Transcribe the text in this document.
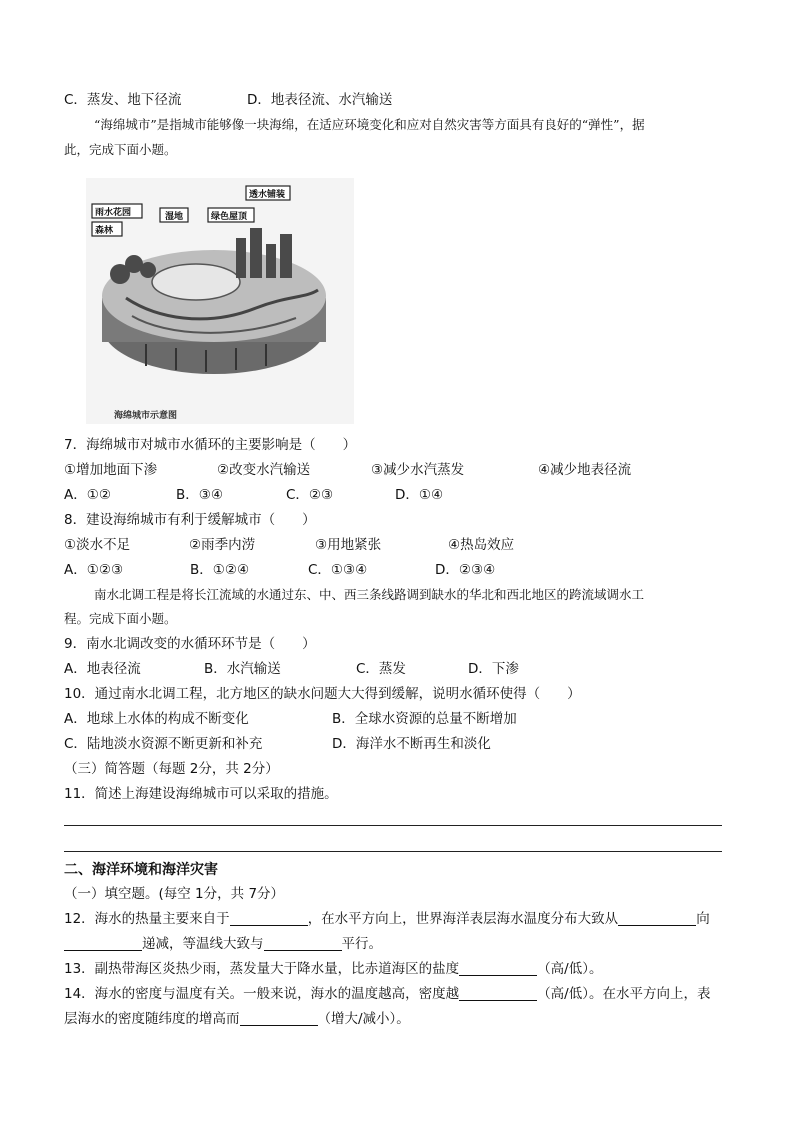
C．蒸发、地下径流	D．地表径流、水汽输送
“海绵城市”是指城市能够像一块海绵，在适应环境变化和应对自然灾害等方面具有良好的“弹性”，据
此，完成下面小题。
雨水花园
森林
湿地	绿色屋顶
透水铺装
海绵城市示意图
7．海绵城市对城市水循环的主要影响是（　　）
①增加地面下渗	②改变水汽输送	③减少水汽蒸发	④减少地表径流
A．①②	B．③④	C．②③	D．①④
8．建设海绵城市有利于缓解城市（　　）
①淡水不足	②雨季内涝	③用地紧张	④热岛效应
A．①②③	B．①②④	C．①③④	D．②③④
南水北调工程是将长江流域的水通过东、中、西三条线路调到缺水的华北和西北地区的跨流域调水工
程。完成下面小题。
9．南水北调改变的水循环环节是（　　）
A．地表径流	B．水汽输送	C．蒸发	D．下渗
10．通过南水北调工程，北方地区的缺水问题大大得到缓解，说明水循环使得（　　）
A．地球上水体的构成不断变化	B．全球水资源的总量不断增加
C．陆地淡水资源不断更新和补充	D．海洋水不断再生和淡化
（三）简答题（每题 2分，共 2分）
11．简述上海建设海绵城市可以采取的措施。
二、海洋环境和海洋灾害
（一）填空题。(每空 1分，共 7分）
12．海水的热量主要来自于	，在水平方向上，世界海洋表层海水温度分布大致从	向
递减，等温线大致与	平行。
13．副热带海区炎热少雨，蒸发量大于降水量，比赤道海区的盐度	（高/低）。
14．海水的密度与温度有关。一般来说，海水的温度越高，密度越	（高/低）。在水平方向上，表
层海水的密度随纬度的增高而	（增大/减小）。
